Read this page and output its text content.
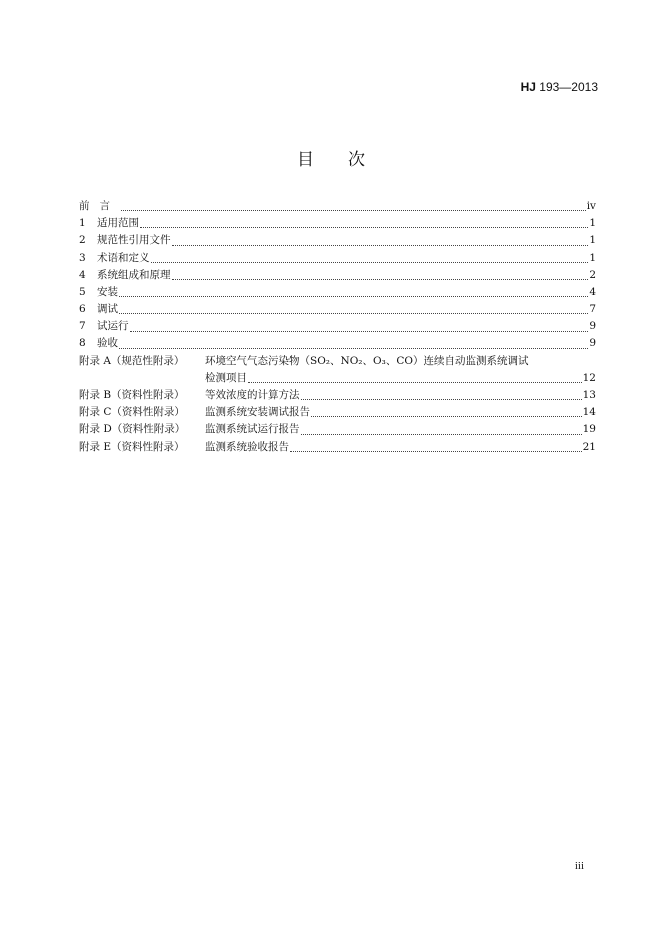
HJ 193—2013
目次
前言	iv
1	适用范围	1
2	规范性引用文件	1
3	术语和定义	1
4	系统组成和原理	2
5	安装	4
6	调试	7
7	试运行	9
8	验收	9
附录 A（规范性附录）	环境空气气态污染物（SO₂、NO₂、O₃、CO）连续自动监测系统调试
检测项目	12
附录 B（资料性附录）	等效浓度的计算方法	13
附录 C（资料性附录）	监测系统安装调试报告	14
附录 D（资料性附录）	监测系统试运行报告	19
附录 E（资料性附录）	监测系统验收报告	21
iii
